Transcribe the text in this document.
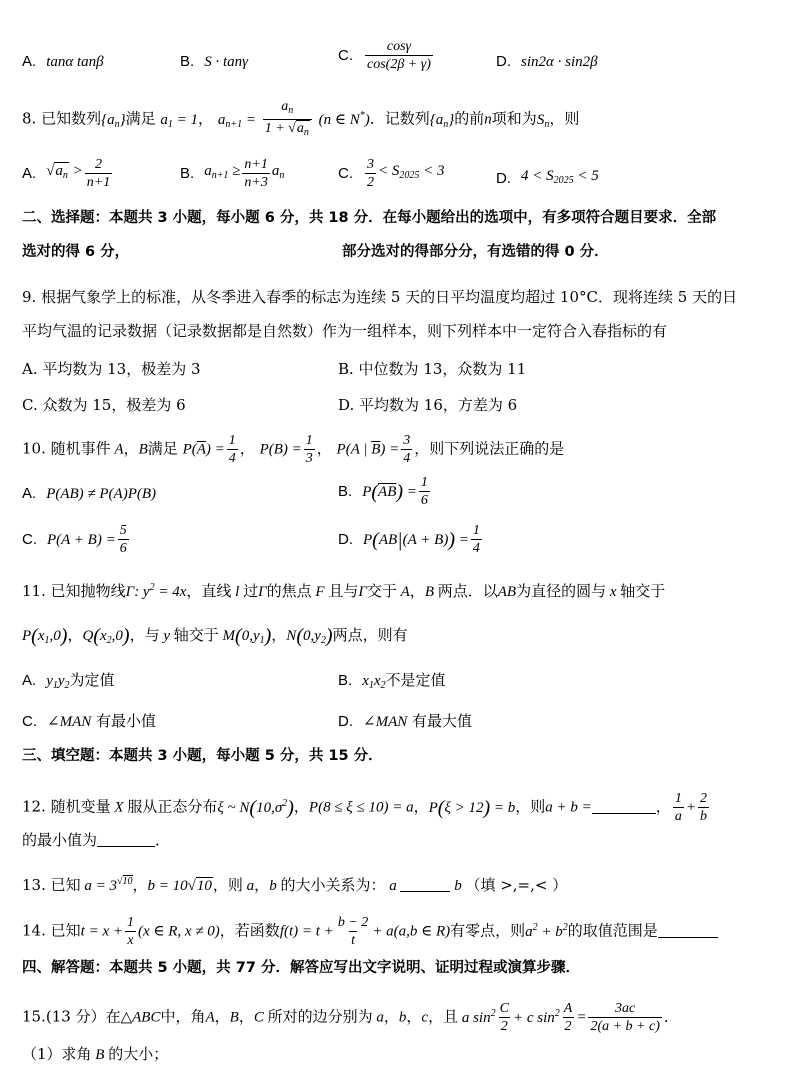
A. tanα tanβ	B. S · tanγ	C. $\frac{\cos\gamma}{\cos(2\beta + \gamma)}$	D. sin2α · sin2β
8. 已知数列$\{a_n\}$满足 $a_1 = 1$， $a_{n+1} = \frac{a_n}{1 + √a_n} (n$ ∈ N*)．记数列$\{a_n\}$的前n项和为$S_n$，则
A. $√a_n > \frac{2}{n+1}$	B. $a_{n+1} \ge \frac{n+1}{n+3} a_n$	C. $\frac{3}{2} < S_{2025} < 3$	D. $4 < S_{2025} < 5$
二、选择题：本题共 3 小题，每小题 6 分，共 18 分．在每小题给出的选项中，有多项符合题目要求．全部
选对的得 6 分，	部分选对的得部分分，有选错的得 0 分．
9. 根据气象学上的标准，从冬季进入春季的标志为连续 5 天的日平均温度均超过 10°C．现将连续 5 天的日
平均气温的记录数据（记录数据都是自然数）作为一组样本，则下列样本中一定符合入春指标的有
A. 平均数为 13，极差为 3	B. 中位数为 13，众数为 11
C. 众数为 15，极差为 6	D. 平均数为 16，方差为 6
10. 随机事件 A，B满足 $P(\overline{A}) = \frac{1}{4}$ ， $P(B) = \frac{1}{3}$ ， P(A | $\overline{B}) = \frac{3}{4}$ ，则下列说法正确的是
A. P(AB) ≠ P(A)P(B)	B. $P(\overline{AB}) = \frac{1}{6}$
C. $P(A + B) = \frac{5}{6}$	D. $P(AB|(A + B)) = \frac{1}{4}$
11. 已知抛物线Γ: $y^2 = 4x$，直线 l 过Γ的焦点 F 且与Γ交于 A，B 两点．以AB为直径的圆与 x 轴交于
$P(x_1,0)$，$Q(x_2,0)$，与 y 轴交于 $M(0,y_1)$，$N(0,y_2)$两点，则有
A. $y_1y_2$为定值	B. $x_1x_2$不是定值
C. ∠MAN 有最小值	D. ∠MAN 有最大值
三、填空题：本题共 3 小题，每小题 5 分，共 15 分．
12. 随机变量 X 服从正态分布ξ ~ $N(10,\sigma^2)$，P(8 ≤ ξ ≤ 10) = a，P(ξ > 12) = b，则a + b =	， $\frac{1}{a} + \frac{2}{b}$
的最小值为	．
13. 已知 $a = 3^{√10}$，b = 10√10，则 a，b 的大小关系为： a	b （填 >,=,< ）
14. 已知$t = x + \frac{1}{x} (x$ ∈ R, x ≠ 0)，若函数$f(t) = t + \frac{b - 2}{t} + a(a,b$ ∈ R)有零点，则$a^2 + b^2$的取值范围是
四、解答题：本题共 5 小题，共 77 分．解答应写出文字说明、证明过程或演算步骤．
15.(13 分）在△ABC中，角A，B，C 所对的边分别为 a，b，c，且 a $\sin^2 \frac{C}{2} + c$ $\sin^2 \frac{A}{2} = \frac{3ac}{2(a + b + c)}$ ．
（1）求角 B 的大小；
